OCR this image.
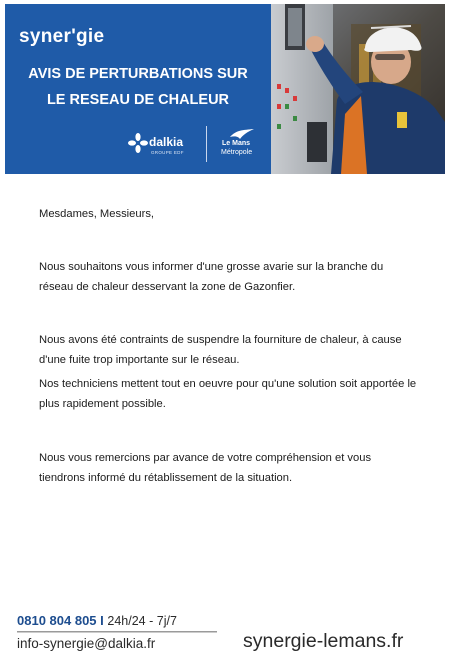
syner'gie
AVIS DE PERTURBATIONS SUR
LE RESEAU DE CHALEUR
dalkia
GROUPE EDF
Le Mans
Métropole

Mesdames, Messieurs,

Nous souhaitons vous informer d'une grosse avarie sur la branche du réseau de chaleur desservant la zone de Gazonfier.

Nous avons été contraints de suspendre la fourniture de chaleur, à cause d'une fuite trop importante sur le réseau.

Nos techniciens mettent tout en oeuvre pour qu'une solution soit apportée le plus rapidement possible.

Nous vous remercions par avance de votre compréhension et vous tiendrons informé du rétablissement de la situation.

0810 804 805 I 24h/24 - 7j/7
info-synergie@dalkia.fr	synergie-lemans.fr
